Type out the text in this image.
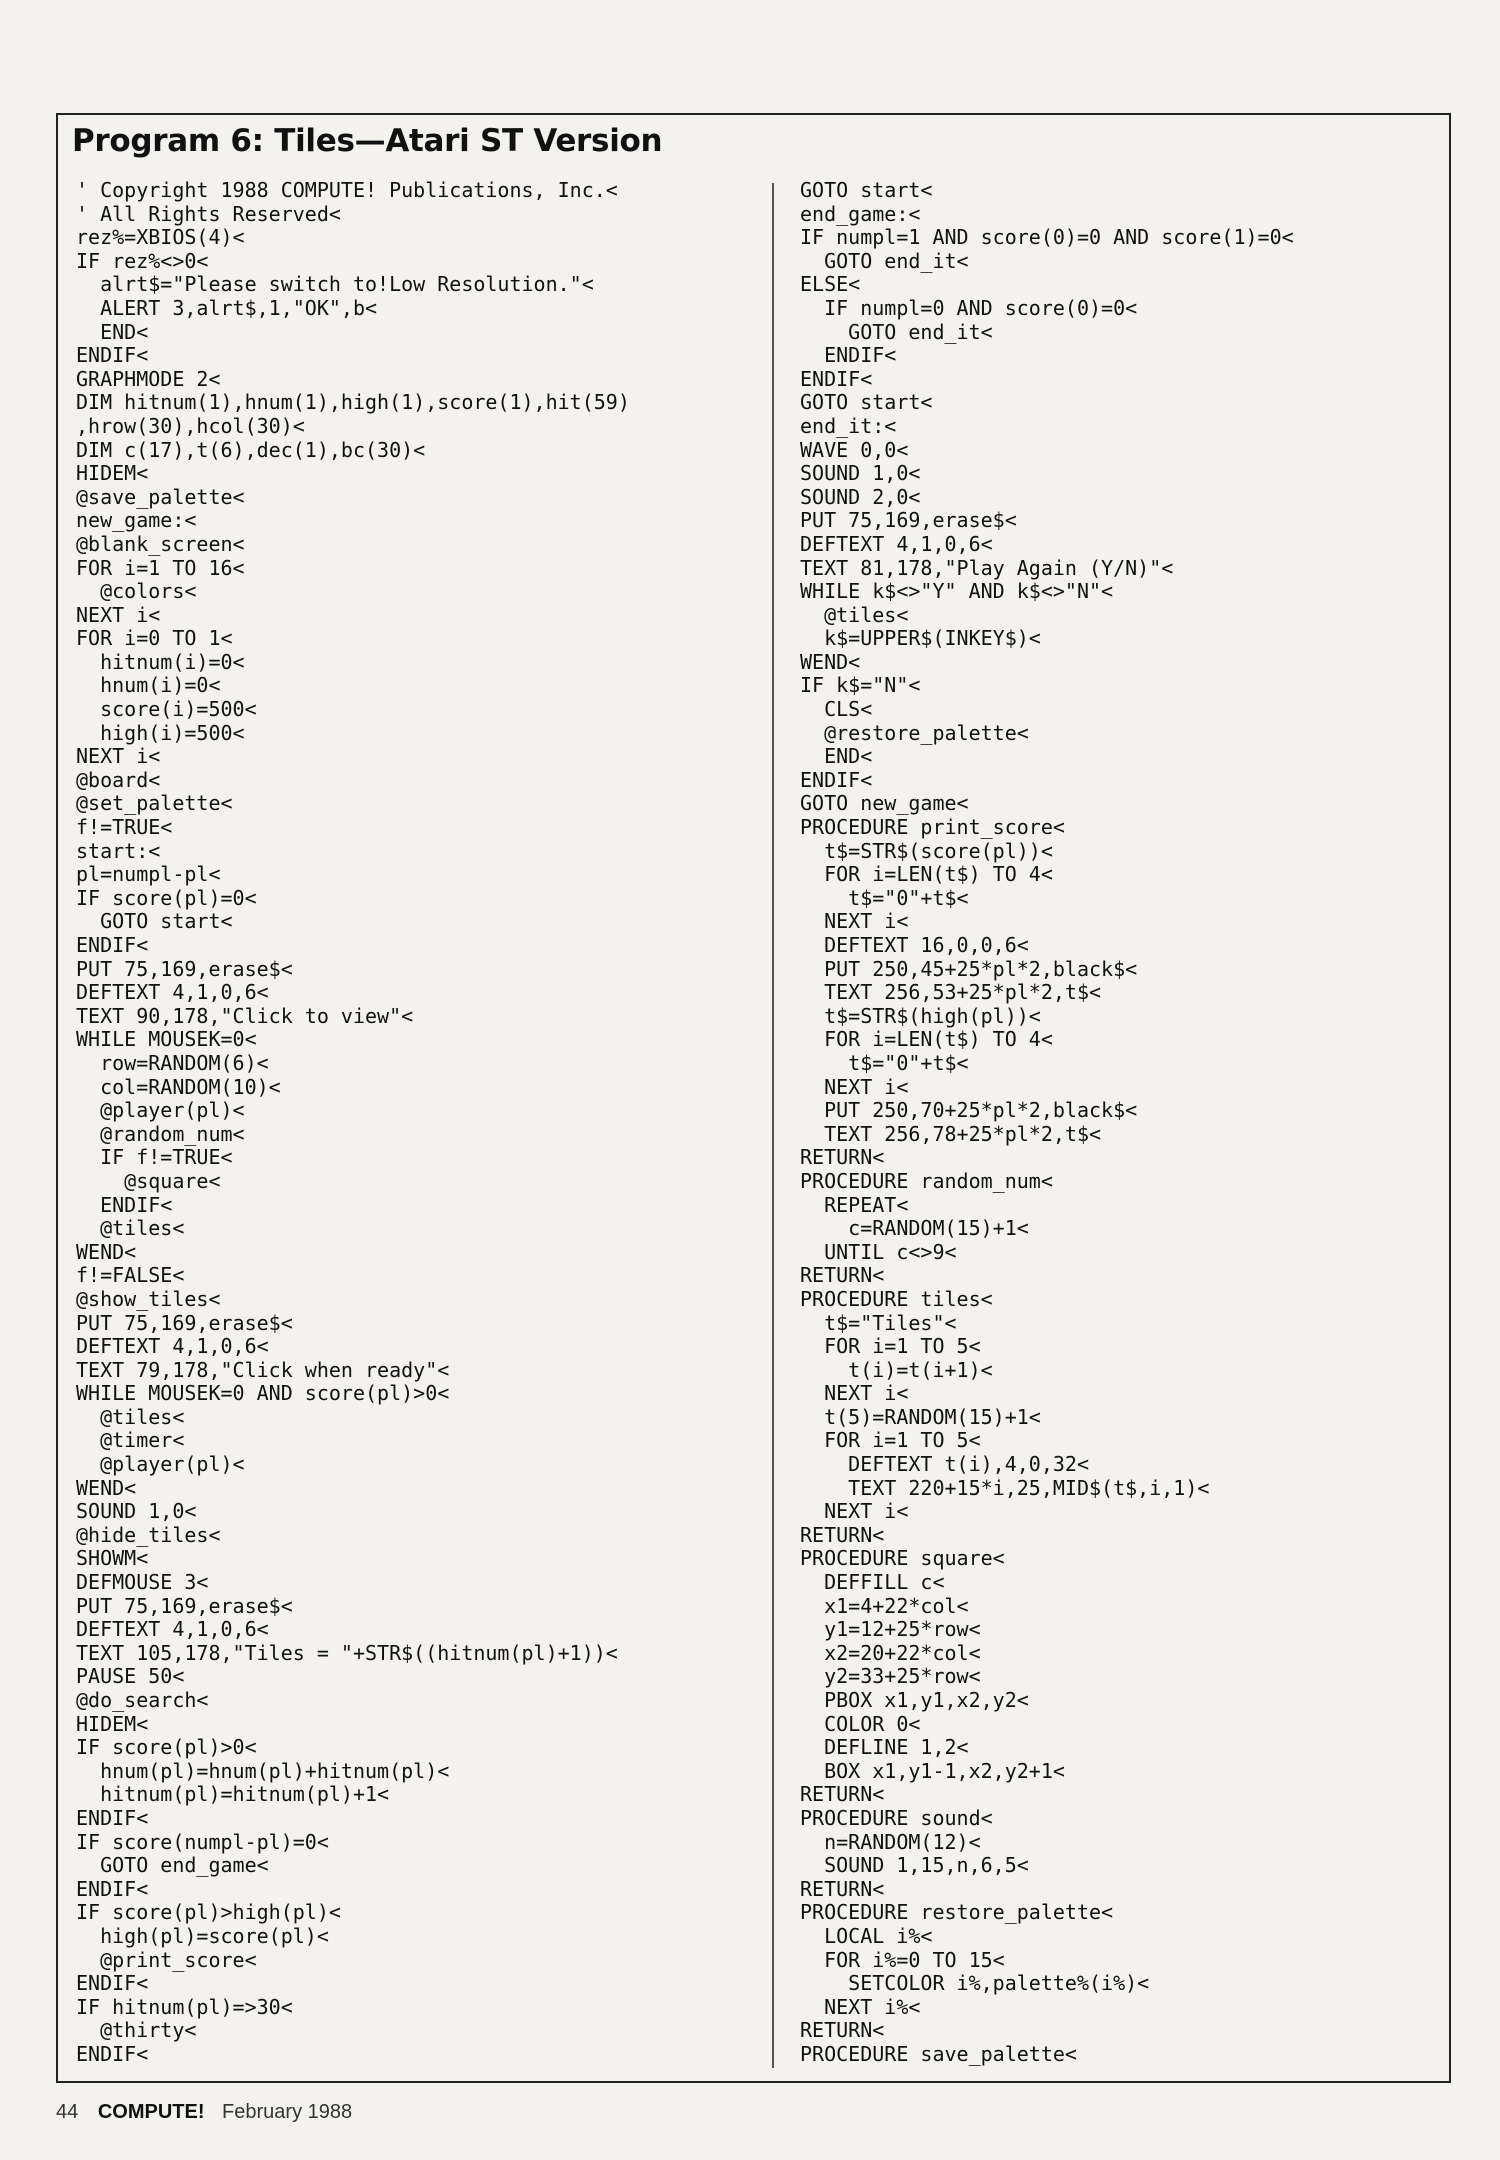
Program 6: Tiles—Atari ST Version
' Copyright 1988 COMPUTE! Publications, Inc.<
' All Rights Reserved<
rez%=XBIOS(4)<
IF rez%<>0<
alrt$="Please switch to!Low Resolution."<
ALERT 3,alrt$,1,"OK",b<
END<
ENDIF<
GRAPHMODE 2<
DIM hitnum(1),hnum(1),high(1),score(1),hit(59)
,hrow(30),hcol(30)<
DIM c(17),t(6),dec(1),bc(30)<
HIDEM<
@save_palette<
new_game:<
@blank_screen<
FOR i=1 TO 16<
@colors<
NEXT i<
FOR i=0 TO 1<
hitnum(i)=0<
hnum(i)=0<
score(i)=500<
high(i)=500<
NEXT i<
@board<
@set_palette<
f!=TRUE<
start:<
pl=numpl-pl<
IF score(pl)=0<
GOTO start<
ENDIF<
PUT 75,169,erase$<
DEFTEXT 4,1,0,6<
TEXT 90,178,"Click to view"<
WHILE MOUSEK=0<
row=RANDOM(6)<
col=RANDOM(10)<
@player(pl)<
@random_num<
IF f!=TRUE<
@square<
ENDIF<
@tiles<
WEND<
f!=FALSE<
@show_tiles<
PUT 75,169,erase$<
DEFTEXT 4,1,0,6<
TEXT 79,178,"Click when ready"<
WHILE MOUSEK=0 AND score(pl)>0<
@tiles<
@timer<
@player(pl)<
WEND<
SOUND 1,0<
@hide_tiles<
SHOWM<
DEFMOUSE 3<
PUT 75,169,erase$<
DEFTEXT 4,1,0,6<
TEXT 105,178,"Tiles = "+STR$((hitnum(pl)+1))<
PAUSE 50<
@do_search<
HIDEM<
IF score(pl)>0<
hnum(pl)=hnum(pl)+hitnum(pl)<
hitnum(pl)=hitnum(pl)+1<
ENDIF<
IF score(numpl-pl)=0<
GOTO end_game<
ENDIF<
IF score(pl)>high(pl)<
high(pl)=score(pl)<
@print_score<
ENDIF<
IF hitnum(pl)=>30<
@thirty<
ENDIF<
GOTO start<
end_game:<
IF numpl=1 AND score(0)=0 AND score(1)=0<
GOTO end_it<
ELSE<
IF numpl=0 AND score(0)=0<
GOTO end_it<
ENDIF<
ENDIF<
GOTO start<
end_it:<
WAVE 0,0<
SOUND 1,0<
SOUND 2,0<
PUT 75,169,erase$<
DEFTEXT 4,1,0,6<
TEXT 81,178,"Play Again (Y/N)"<
WHILE k$<>"Y" AND k$<>"N"<
@tiles<
k$=UPPER$(INKEY$)<
WEND<
IF k$="N"<
CLS<
@restore_palette<
END<
ENDIF<
GOTO new_game<
PROCEDURE print_score<
t$=STR$(score(pl))<
FOR i=LEN(t$) TO 4<
t$="0"+t$<
NEXT i<
DEFTEXT 16,0,0,6<
PUT 250,45+25*pl*2,black$<
TEXT 256,53+25*pl*2,t$<
t$=STR$(high(pl))<
FOR i=LEN(t$) TO 4<
t$="0"+t$<
NEXT i<
PUT 250,70+25*pl*2,black$<
TEXT 256,78+25*pl*2,t$<
RETURN<
PROCEDURE random_num<
REPEAT<
c=RANDOM(15)+1<
UNTIL c<>9<
RETURN<
PROCEDURE tiles<
t$="Tiles"<
FOR i=1 TO 5<
t(i)=t(i+1)<
NEXT i<
t(5)=RANDOM(15)+1<
FOR i=1 TO 5<
DEFTEXT t(i),4,0,32<
TEXT 220+15*i,25,MID$(t$,i,1)<
NEXT i<
RETURN<
PROCEDURE square<
DEFFILL c<
x1=4+22*col<
y1=12+25*row<
x2=20+22*col<
y2=33+25*row<
PBOX x1,y1,x2,y2<
COLOR 0<
DEFLINE 1,2<
BOX x1,y1-1,x2,y2+1<
RETURN<
PROCEDURE sound<
n=RANDOM(12)<
SOUND 1,15,n,6,5<
RETURN<
PROCEDURE restore_palette<
LOCAL i%<
FOR i%=0 TO 15<
SETCOLOR i%,palette%(i%)<
NEXT i%<
RETURN<
PROCEDURE save_palette<
44 COMPUTE! February 1988
